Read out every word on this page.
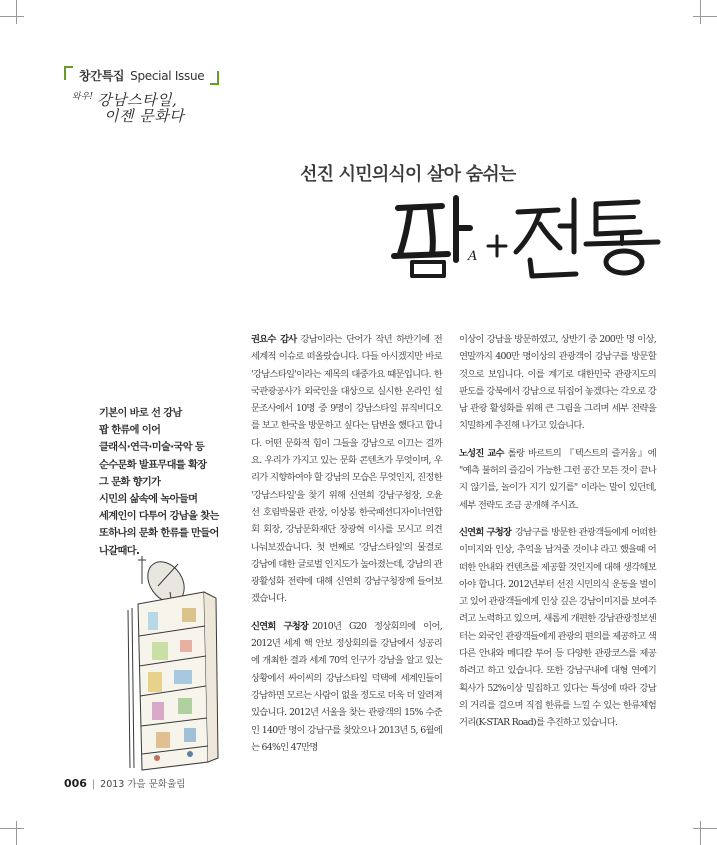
창간특집 Special Issue
$^{와우!}$ 강남스타일,
이젠 문화다
선진 시민의식이 살아 숨쉬는
A
기본이 바로 선 강남
팝 한류에 이어
클래식·연극·미술·국악 등
순수문화 발표무대를 확장
그 문화 향기가
시민의 삶속에 녹아들며
세계인이 다투어 강남을 찾는
또하나의 문화 한류를 만들어
나갈때다.

권요수 감사 강남이라는 단어가 작년 하반기에 전 세계적 이슈로 떠올랐습니다. 다들 아시겠지만 바로 '강남스타일'이라는 제목의 대중가요 때문입니다. 한국관광공사가 외국인을 대상으로 실시한 온라인 설문조사에서 10명 중 9명이 강남스타일 뮤직비디오를 보고 한국을 방문하고 싶다는 답변을 했다고 합니다. 어떤 문화적 힘이 그들을 강남으로 이끄는 걸까요. 우리가 가지고 있는 문화 콘텐츠가 무엇이며, 우리가 지향하여야 할 강남의 모습은 무엇인지, 진정한 '강남스타일'을 찾기 위해 신연희 강남구청장, 오윤선 호림박물관 관장, 이상봉 한국패션디자이너연합회 회장, 강남문화재단 장광혁 이사를 모시고 의견 나눠보겠습니다. 첫 번째로 '강남스타일'의 물결로 강남에 대한 글로벌 인지도가 높아졌는데, 강남의 관광활성화 전략에 대해 신연희 강남구청장께 들어보겠습니다.

신연희 구청장 2010년 G20 정상회의에 이어, 2012년 세계 핵 안보 정상회의를 강남에서 성공리에 개최한 결과 세계 70억 인구가 강남을 알고 있는 상황에서 싸이씨의 강남스타일 덕택에 세계인들이 강남하면 모르는 사람이 없을 정도로 더욱 더 알려져 있습니다. 2012년 서울을 찾는 관광객의 15% 수준인 140만 명이 강남구를 찾았으나 2013년 5, 6월에는 64%인 47만명

이상이 강남을 방문하였고, 상반기 중 200만 명 이상, 연말까지 400만 명이상의 관광객이 강남구를 방문할 것으로 보입니다. 이를 계기로 대한민국 관광지도의 판도를 강북에서 강남으로 뒤집어 놓겠다는 각오로 강남 관광 활성화를 위해 큰 그림을 그리며 세부 전략을 치밀하게 추진해 나가고 있습니다.

노성진 교수 롤랑 바르트의 『텍스트의 즐거움』에 "예측 불허의 즐김이 가능한 그런 공간 모든 것이 끝나지 않기를, 놀이가 지기 있기를" 이라는 말이 있던데, 세부 전략도 조금 공개해 주시죠.

신연희 구청장 강남구를 방문한 관광객들에게 어떠한 이미지와 인상, 추억을 남겨줄 것이냐 라고 했을때 어떠한 안내와 컨텐츠를 제공할 것인지에 대해 생각해보아야 합니다. 2012년부터 선진 시민의식 운동을 벌이고 있어 관광객들에게 인상 깊은 강남이미지를 보여주려고 노력하고 있으며, 새롭게 개편한 강남관광정보센터는 외국인 관광객들에게 관광의 편의를 제공하고 색다른 안내와 메디칼 투어 등 다양한 관광코스를 제공하려고 하고 있습니다. 또한 강남구내에 대형 연예기획사가 52%이상 밀집하고 있다는 특성에 따라 강남의 거리를 걸으며 직접 한류를 느낄 수 있는 한류체험거리(K-STAR Road)를 추진하고 있습니다.

006 | 2013 가을 문화울림
